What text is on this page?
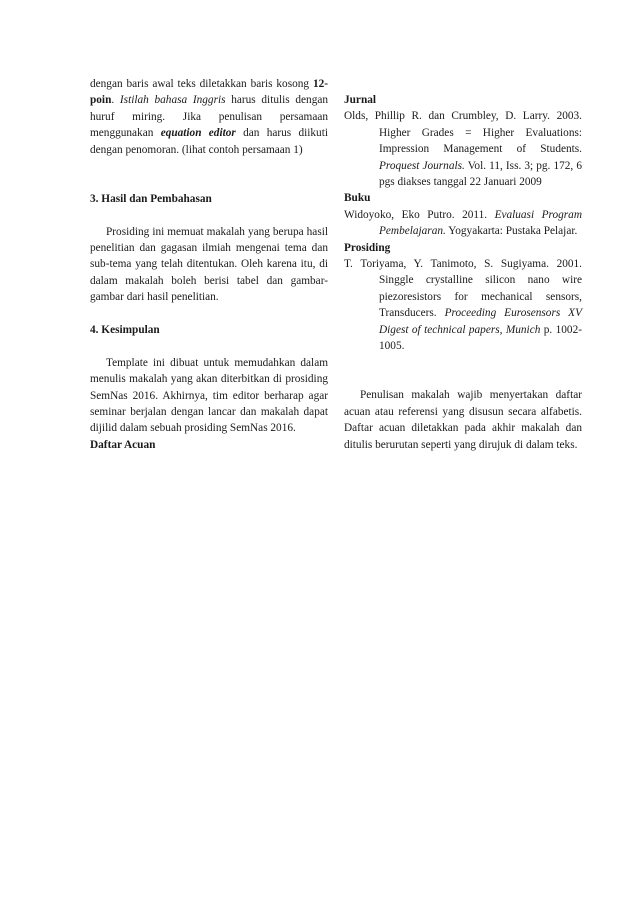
dengan baris awal teks diletakkan baris kosong 12-poin. Istilah bahasa Inggris harus ditulis dengan huruf miring. Jika penulisan persamaan menggunakan equation editor dan harus diikuti dengan penomoran. (lihat contoh persamaan 1)

3. Hasil dan Pembahasan

Prosiding ini memuat makalah yang berupa hasil penelitian dan gagasan ilmiah mengenai tema dan sub-tema yang telah ditentukan. Oleh karena itu, di dalam makalah boleh berisi tabel dan gambar-gambar dari hasil penelitian.

4. Kesimpulan

Template ini dibuat untuk memudahkan dalam menulis makalah yang akan diterbitkan di prosiding SemNas 2016. Akhirnya, tim editor berharap agar seminar berjalan dengan lancar dan makalah dapat dijilid dalam sebuah prosiding SemNas 2016.

Daftar Acuan

Jurnal

Olds, Phillip R. dan Crumbley, D. Larry. 2003. Higher Grades = Higher Evaluations: Impression Management of Students. Proquest Journals. Vol. 11, Iss. 3; pg. 172, 6 pgs diakses tanggal 22 Januari 2009

Buku

Widoyoko, Eko Putro. 2011. Evaluasi Program Pembelajaran. Yogyakarta: Pustaka Pelajar.

Prosiding

T. Toriyama, Y. Tanimoto, S. Sugiyama. 2001. Singgle crystalline silicon nano wire piezoresistors for mechanical sensors, Transducers. Proceeding Eurosensors XV Digest of technical papers, Munich p. 1002-1005.

Penulisan makalah wajib menyertakan daftar acuan atau referensi yang disusun secara alfabetis. Daftar acuan diletakkan pada akhir makalah dan ditulis berurutan seperti yang dirujuk di dalam teks.
